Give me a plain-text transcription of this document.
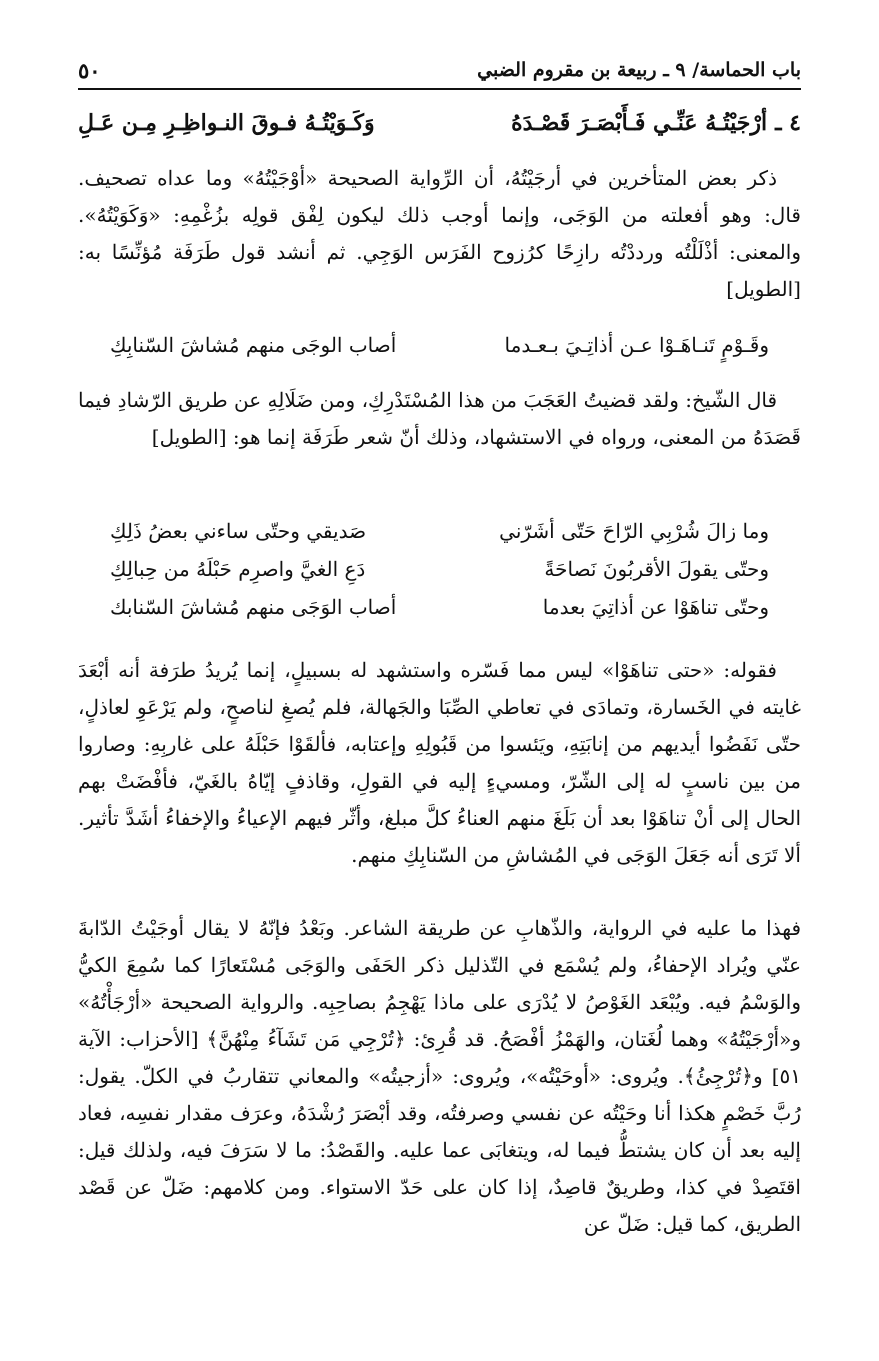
باب الحماسة/ ٩ ـ ربيعة بن مقروم الضبي
٥٠
٤ ـ
أرْجَيْتُـهُ عَنِّـي فَـأَبْصَـرَ قَصْـدَهُ
وَكَـوَيْتُـهُ فـوقَ النـواظِـرِ مِـن عَـلِ

ذكر بعض المتأخرين في أرجَيْتُهُ، أن الرِّواية الصحيحة «أوْجَيْتُهُ» وما عداه تصحيف. قال: وهو أفعلته من الوَجَى، وإنما أوجب ذلك ليكون لِفْق قولِه بزُغْمِهِ: «وَكَوَيْتُهُ». والمعنى: أذْلَلْتُه ورددْتُه رازِحًا كرُزوح الفَرَس الوَجِي. ثم أنشد قول طَرَفَة مُؤنِّسًا به: [الطويل]

وقَـوْمٍ تَنـاهَـوْا عـن أذاتِـيَ بـعـدما
أصاب الوجَى منهم مُشاشَ السّنابِكِ

قال الشّيخ: ولقد قضيتُ العَجَبَ من هذا المُسْتَدْرِكِ، ومن ضَلَالِهِ عن طريق الرّشادِ فيما قَصَدَهُ من المعنى، ورواه في الاستشهاد، وذلك أنّ شعر طَرَفَة إنما هو: [الطويل]

وما زالَ شُرْبِي الرّاحَ حَتّى أشَرّني
صَديقي وحتّى ساءني بعضُ ذَلِكِ
وحتّى يقولَ الأقربُونَ نَصاحَةً
دَعِ الغيَّ واصرِم حَبْلَهُ من حِبالِكِ
وحتّى تناهَوْا عن أذاتِيَ بعدما
أصاب الوَجَى منهم مُشاشَ السّنابك

فقوله: «حتى تناهَوْا» ليس مما فَسّره واستشهد له بسبيلٍ، إنما يُريدُ طرَفة أنه أبْعَدَ غايته في الخَسارة، وتمادَى في تعاطي الصِّبَا والجَهالة، فلم يُصغِ لناصحٍ، ولم يَرْعَوِ لعاذلٍ، حتّى نَفَضُوا أيديهم من إنابَتِهِ، ويَئسوا من قَبُولِهِ وإعتابه، فألقَوْا حَبْلَهُ على غاربِهِ: وصاروا من بين ناسبٍ له إلى الشّرّ، ومسيءٍ إليه في القولِ، وقاذفٍ إيّاهُ بالغَيّ، فأفْضَتْ بهم الحال إلى أنْ تناهَوْا بعد أن بَلَغَ منهم العناءُ كلَّ مبلغ، وأثّر فيهم الإعياءُ والإخفاءُ أشَدَّ تأثير. ألا تَرَى أنه جَعَلَ الوَجَى في المُشاشِ من السّنابِكِ منهم.

فهذا ما عليه في الرواية، والذّهابِ عن طريقة الشاعر. وبَعْدُ فإنّهُ لا يقال أوجَيْتُ الدّابةَ عنّي ويُراد الإحفاءُ، ولم يُسْمَع في التّذليل ذكر الحَفَى والوَجَى مُسْتَعارًا كما سُمِعَ الكيُّ والوَسْمُ فيه. ويُبْعَد الغَوْصُ لا يُدْرَى على ماذا يَهْجِمُ بصاحِبِه. والرواية الصحيحة «أرْجَأْتُهُ» و«أرْجَيْتُهُ» وهما لُغَتان، والهَمْزُ أفْصَحُ. قد قُرِئ: ﴿تُرْجِي مَن تَشَآءُ مِنْهُنَّ﴾ [الأحزاب: الآية ٥١] و﴿تُرْجِئُ﴾. ويُروى: «أوحَيْتُه»، ويُروى: «أزجيتُه» والمعاني تتقاربُ في الكلّ. يقول: رُبَّ خَصْمٍ هكذا أنا وحَيْتُه عن نفسي وصرفتُه، وقد أبْصَرَ رُشْدَهُ، وعرَف مقدار نفسِه، فعاد إليه بعد أن كان يشتطُّ فيما له، ويتغابَى عما عليه. والقَصْدُ: ما لا سَرَفَ فيه، ولذلك قيل: اقتَصِدْ في كذا، وطريقٌ قاصِدٌ، إذا كان على حَدّ الاستواء. ومن كلامهم: ضَلّ عن قَصْد الطريق، كما قيل: ضَلّ عن
